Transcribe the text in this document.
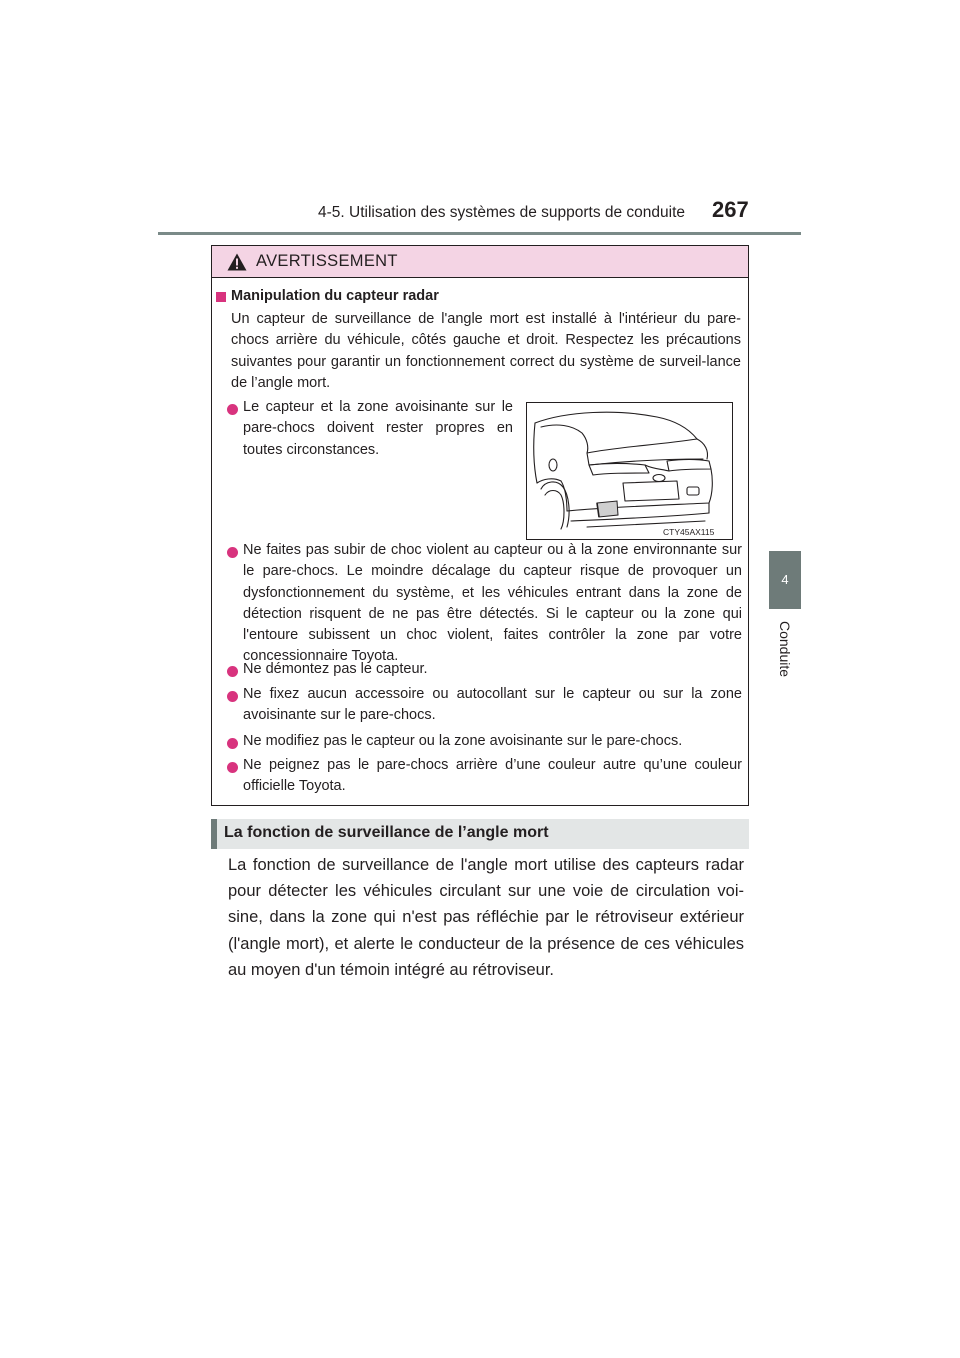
4-5. Utilisation des systèmes de supports de conduite 267
4
Conduite
AVERTISSEMENT
Manipulation du capteur radar

Un capteur de surveillance de l'angle mort est installé à l'intérieur du pare-chocs arrière du véhicule, côtés gauche et droit. Respectez les précautions suivantes pour garantir un fonctionnement correct du système de surveil-lance de l’angle mort.

Le capteur et la zone avoisinante sur le pare-chocs doivent rester propres en toutes circonstances.

CTY45AX115

Ne faites pas subir de choc violent au capteur ou à la zone environnante sur le pare-chocs. Le moindre décalage du capteur risque de provoquer un dysfonctionnement du système, et les véhicules entrant dans la zone de détection risquent de ne pas être détectés. Si le capteur ou la zone qui l'entoure subissent un choc violent, faites contrôler la zone par votre concessionnaire Toyota.

Ne démontez pas le capteur.

Ne fixez aucun accessoire ou autocollant sur le capteur ou sur la zone avoisinante sur le pare-chocs.

Ne modifiez pas le capteur ou la zone avoisinante sur le pare-chocs.

Ne peignez pas le pare-chocs arrière d’une couleur autre qu’une couleur officielle Toyota.

La fonction de surveillance de l’angle mort

La fonction de surveillance de l'angle mort utilise des capteurs radar pour détecter les véhicules circulant sur une voie de circulation voi-sine, dans la zone qui n'est pas réfléchie par le rétroviseur extérieur (l'angle mort), et alerte le conducteur de la présence de ces véhicules au moyen d'un témoin intégré au rétroviseur.
